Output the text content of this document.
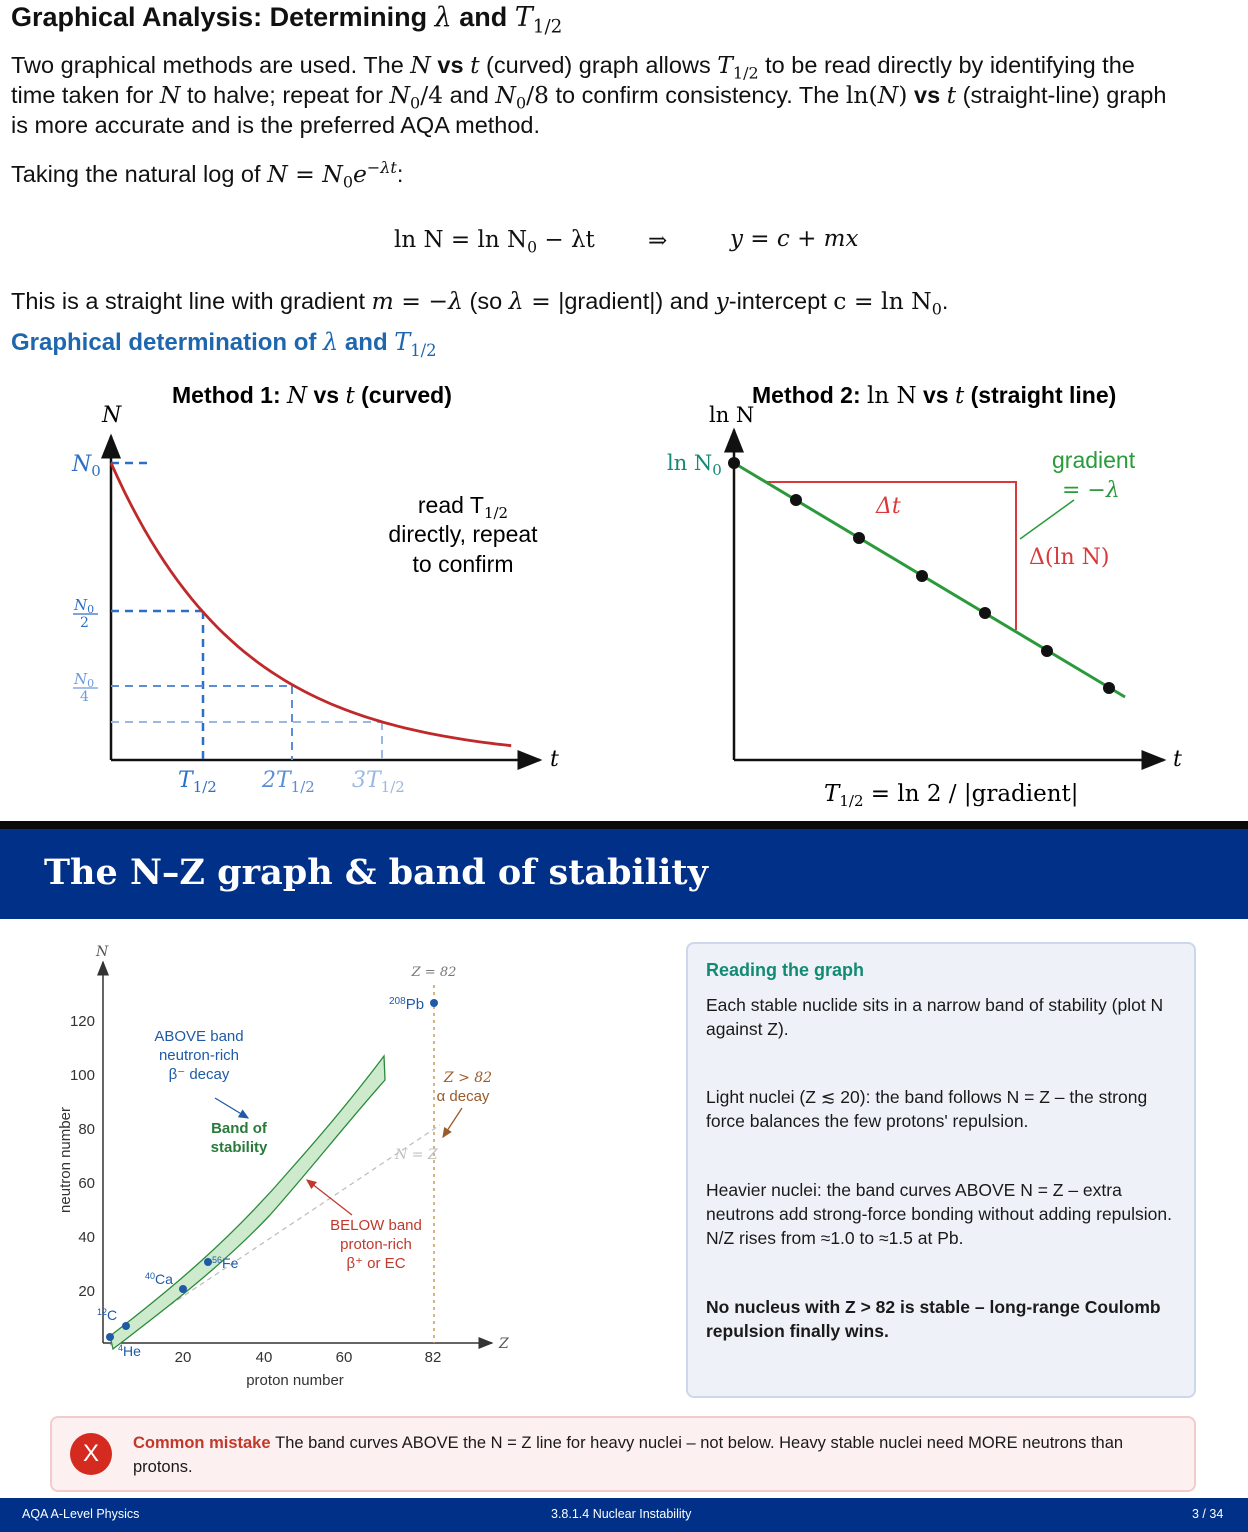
Graphical Analysis: Determining λ and $T_{1/2}$
Two graphical methods are used. The N vs t (curved) graph allows $T_{1/2}$ to be read directly by identifying the
time taken for N to halve; repeat for $N_0/4$ and $N_0/8$ to confirm consistency. The ln(N) vs t (straight-line) graph
is more accurate and is the preferred AQA method.
Taking the natural log of $N = N_0e^{-\lambda t}$:
$\ln N = \ln N_0 - \lambda t$ ⇒	y = c + mx
This is a straight line with gradient m = −λ (so λ = |gradient|) and y-intercept $c = \ln N_0$.
Graphical determination of λ and $T_{1/2}$
Method 1: N vs t (curved)
N
t
$N_0$
$N_0$
2
$N_0$
4
$T_{1/2}$ $2T_{1/2}$ $3T_{1/2}$
read $T_{1/2}$
directly, repeat
to confirm
Method 2: ln N vs t (straight line)
ln N
t
$\ln N_0$
Δt
Δ(ln N)
gradient
= −λ
$T_{1/2} = \ln 2$ / |gradient|
The N–Z graph & band of stability
N
Z
neutron number
proton number
120
100
80
60
40
20
20	40	60	82
Z = 82
N = Z
$^{208}$Pb
$^{56}$Fe
$^{40}$Ca
$^{12}$C
$^4$He
ABOVE band
neutron-rich
β⁻ decay
Band of
stability
BELOW band
proton-rich
β⁺ or EC
Z > 82
α decay
Reading the graph
Each stable nuclide sits in a narrow band of stability (plot N against Z).
Light nuclei (Z ≲ 20): the band follows N = Z – the strong force balances the few protons' repulsion.
Heavier nuclei: the band curves ABOVE N = Z – extra neutrons add strong-force bonding without adding repulsion. N/Z rises from ≈1.0 to ≈1.5 at Pb.
No nucleus with Z > 82 is stable – long-range Coulomb repulsion finally wins.
X	Common mistake The band curves ABOVE the N = Z line for heavy nuclei – not below. Heavy stable nuclei need MORE neutrons than protons.
AQA A-Level Physics	3.8.1.4 Nuclear Instability	3 / 34
